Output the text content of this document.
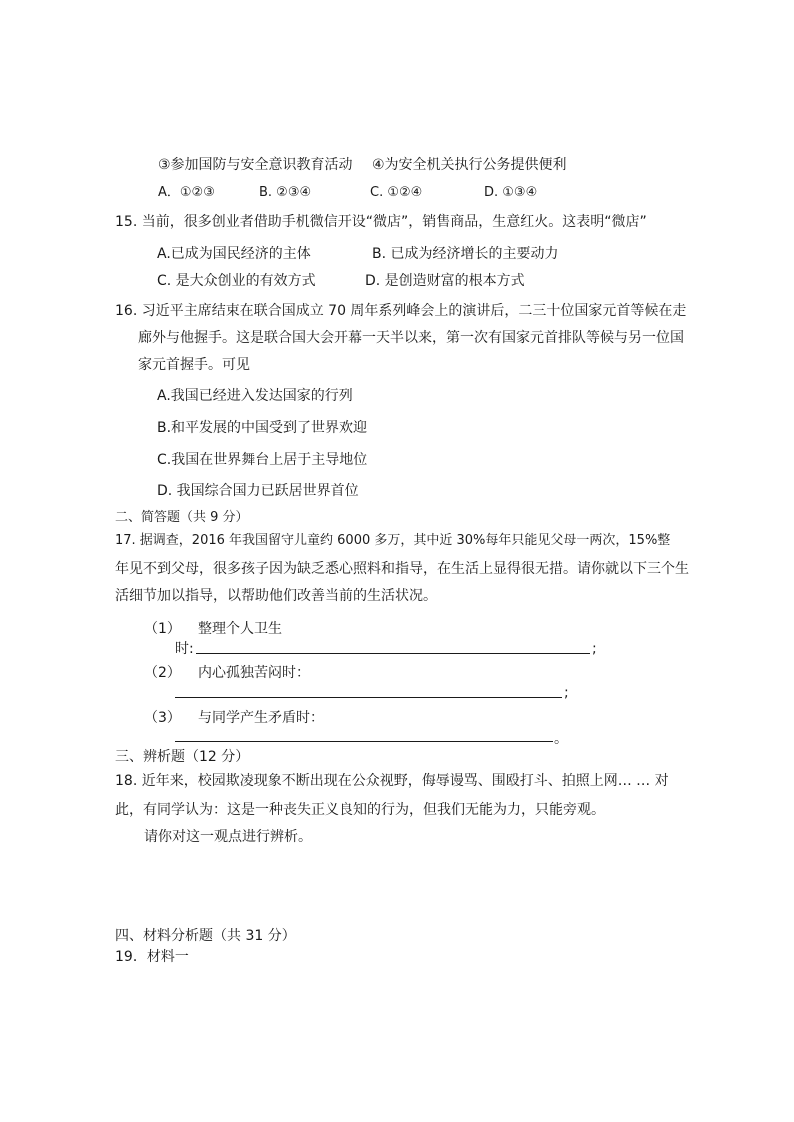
③参加国防与安全意识教育活动 ④为安全机关执行公务提供便利
A．①②③	B. ②③④	C. ①②④	D. ①③④
15. 当前，很多创业者借助手机微信开设“微店”，销售商品，生意红火。这表明“微店”
A.已成为国民经济的主体	B. 已成为经济增长的主要动力
C. 是大众创业的有效方式	D. 是创造财富的根本方式
16. 习近平主席结束在联合国成立 70 周年系列峰会上的演讲后，二三十位国家元首等候在走
廊外与他握手。这是联合国大会开幕一天半以来，第一次有国家元首排队等候与另一位国
家元首握手。可见
A.我国已经进入发达国家的行列
B.和平发展的中国受到了世界欢迎
C.我国在世界舞台上居于主导地位
D. 我国综合国力已跃居世界首位
二、简答题（共 9 分）
17. 据调查，2016 年我国留守儿童约 6000 多万，其中近 30%每年只能见父母一两次，15%整
年见不到父母，很多孩子因为缺乏悉心照料和指导，在生活上显得很无措。请你就以下三个生
活细节加以指导，以帮助他们改善当前的生活状况。
（1） 整理个人卫生
时:	;
（2） 内心孤独苦闷时：
;
（3） 与同学产生矛盾时：
。
三、辨析题（12 分）
18. 近年来，校园欺凌现象不断出现在公众视野，侮辱谩骂、围殴打斗、拍照上网… … 对
此，有同学认为：这是一种丧失正义良知的行为，但我们无能为力，只能旁观。
请你对这一观点进行辨析。
四、材料分析题（共 31 分）
19．材料一
